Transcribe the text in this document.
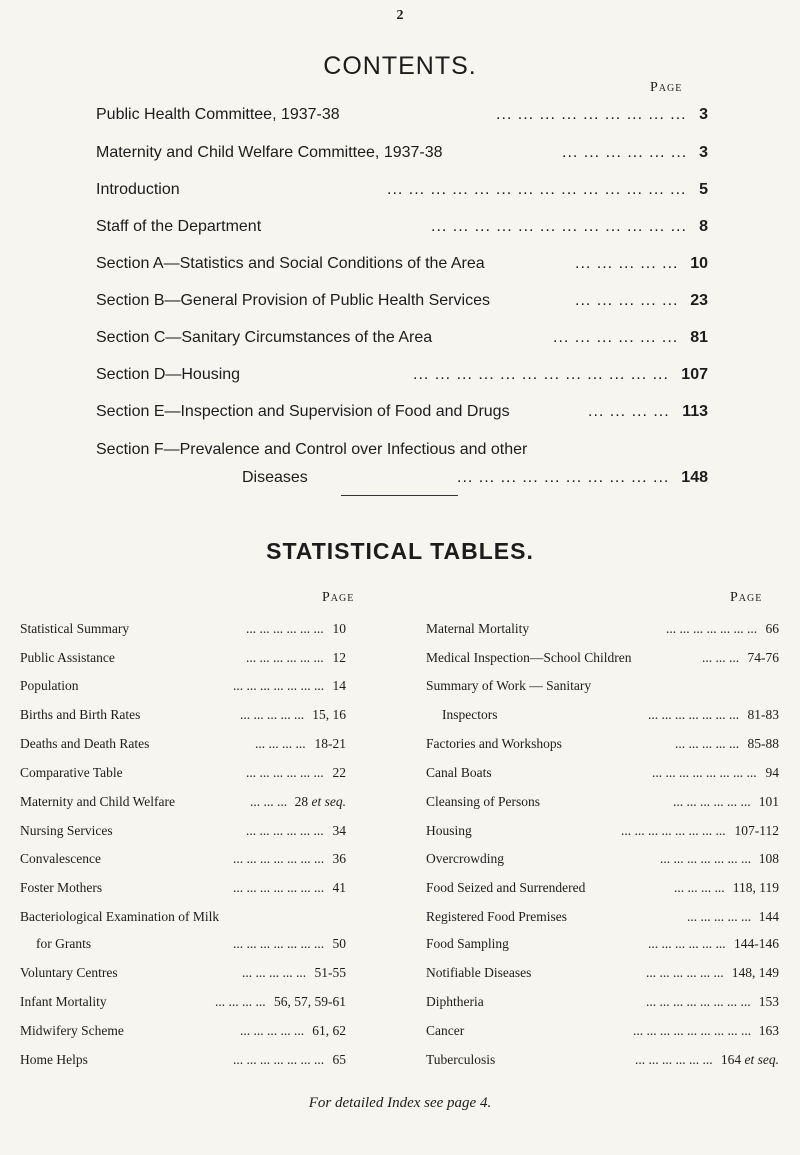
2
CONTENTS.
Page
Public Health Committee, 1937-38	3
... ... ... ... ... ... ... ... ...
Maternity and Child Welfare Committee, 1937-38	3
... ... ... ... ... ...
Introduction	5
... ... ... ... ... ... ... ... ... ... ... ... ... ...
Staff of the Department	8
... ... ... ... ... ... ... ... ... ... ... ...
Section A—Statistics and Social Conditions of the Area	10
... ... ... ... ...
Section B—General Provision of Public Health Services	23
... ... ... ... ...
Section C—Sanitary Circumstances of the Area	81
... ... ... ... ... ...
Section D—Housing	107
... ... ... ... ... ... ... ... ... ... ... ...
Section E—Inspection and Supervision of Food and Drugs	113
... ... ... ...
Section F—Prevalence and Control over Infectious and other
Diseases	148
... ... ... ... ... ... ... ... ... ...
STATISTICAL TABLES.
Page	Page
Statistical Summary	10
... ... ... ... ... ...
Public Assistance	12
... ... ... ... ... ...
Population	14
... ... ... ... ... ... ...
Births and Birth Rates	15, 16
... ... ... ... ...
Deaths and Death Rates	18-21
... ... ... ...
Comparative Table	22
... ... ... ... ... ...
Maternity and Child Welfare	28 et seq.
... ... ...
Nursing Services	34
... ... ... ... ... ...
Convalescence	36
... ... ... ... ... ... ...
Foster Mothers	41
... ... ... ... ... ... ...
Bacteriological Examination of Milk
for Grants	50
... ... ... ... ... ... ...
Voluntary Centres	51-55
... ... ... ... ...
Infant Mortality	56, 57, 59-61
... ... ... ...
Midwifery Scheme	61, 62
... ... ... ... ...
Home Helps	65
... ... ... ... ... ... ...
Maternal Mortality	66
... ... ... ... ... ... ...
Medical Inspection—School Children	74-76
... ... ...
Summary of Work — Sanitary
Inspectors	81-83
... ... ... ... ... ... ...
Factories and Workshops	85-88
... ... ... ... ...
Canal Boats	94
... ... ... ... ... ... ... ...
Cleansing of Persons	101
... ... ... ... ... ...
Housing	107-112
... ... ... ... ... ... ... ...
Overcrowding	108
... ... ... ... ... ... ...
Food Seized and Surrendered	118, 119
... ... ... ...
Registered Food Premises	144
... ... ... ... ...
Food Sampling	144-146
... ... ... ... ... ...
Notifiable Diseases	148, 149
... ... ... ... ... ...
Diphtheria	153
... ... ... ... ... ... ... ...
Cancer	163
... ... ... ... ... ... ... ... ...
Tuberculosis	164 et seq.
... ... ... ... ... ...
For detailed Index see page 4.
